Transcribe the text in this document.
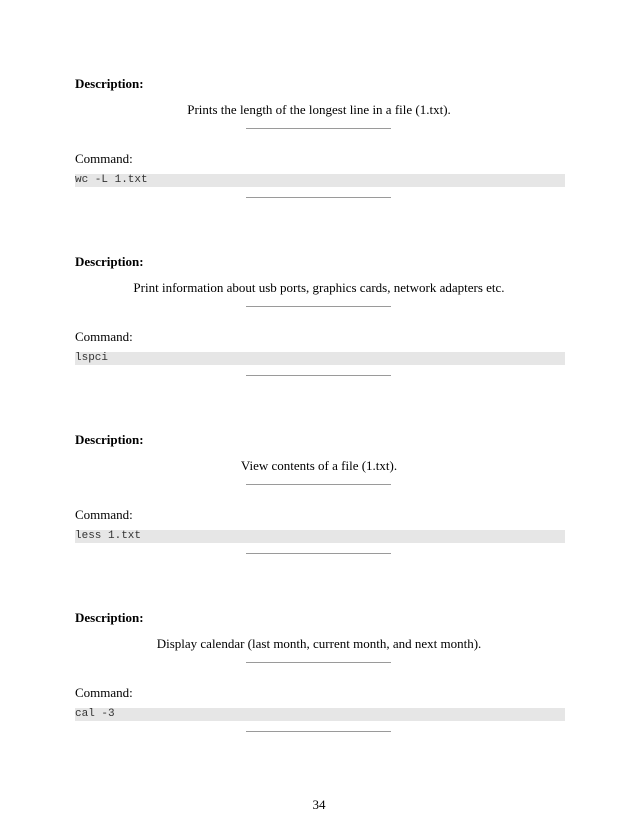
Description:
Prints the length of the longest line in a file (1.txt).
Command:
wc -L 1.txt
Description:
Print information about usb ports, graphics cards, network adapters etc.
Command:
lspci
Description:
View contents of a file (1.txt).
Command:
less 1.txt
Description:
Display calendar (last month, current month, and next month).
Command:
cal -3
34
